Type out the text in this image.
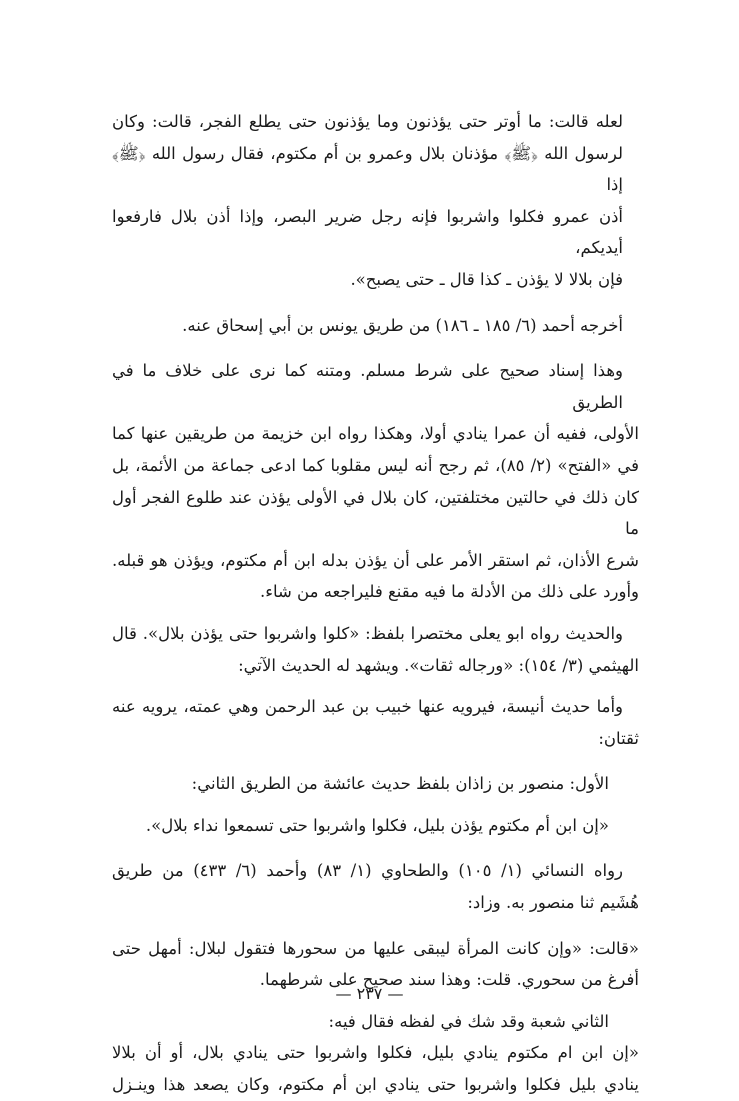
لعله قالت: ما أوتر حتى يؤذنون وما يؤذنون حتى يطلع الفجر، قالت: وكان
لرسول الله ﴿ﷺ﴾ مؤذنان بلال وعمرو بن أم مكتوم، فقال رسول الله ﴿ﷺ﴾ إذا
أذن عمرو فكلوا واشربوا فإنه رجل ضرير البصر، وإذا أذن بلال فارفعوا أيديكم،
فإن بلالا لا يؤذن ـ كذا قال ـ حتى يصبح».

أخرجه أحمد (٦/ ١٨٥ ـ ١٨٦) من طريق يونس بن أبي إسحاق عنه.

وهذا إسناد صحيح على شرط مسلم. ومتنه كما نرى على خلاف ما في الطريق
الأولى، ففيه أن عمرا ينادي أولا، وهكذا رواه ابن خزيمة من طريقين عنها كما
في «الفتح» (٢/ ٨٥)، ثم رجح أنه ليس مقلوبا كما ادعى جماعة من الأئمة، بل
كان ذلك في حالتين مختلفتين، كان بلال في الأولى يؤذن عند طلوع الفجر أول ما
شرع الأذان، ثم استقر الأمر على أن يؤذن بدله ابن أم مكتوم، ويؤذن هو قبله.
وأورد على ذلك من الأدلة ما فيه مقنع فليراجعه من شاء.

والحديث رواه ابو يعلى مختصرا بلفظ: «كلوا واشربوا حتى يؤذن بلال». قال
الهيثمي (٣/ ١٥٤): «ورجاله ثقات». ويشهد له الحديث الآتي:

وأما حديث أنيسة، فيرويه عنها خبيب بن عبد الرحمن وهي عمته، يرويه عنه
ثقتان:

الأول: منصور بن زاذان بلفظ حديث عائشة من الطريق الثاني:

«إن ابن أم مكتوم يؤذن بليل، فكلوا واشربوا حتى تسمعوا نداء بلال».

رواه النسائي (١/ ١٠٥) والطحاوي (١/ ٨٣) وأحمد (٦/ ٤٣٣) من طريق
هُشَيم ثنا منصور به. وزاد:

«قالت: «وإن كانت المرأة ليبقى عليها من سحورها فتقول لبلال: أمهل حتى
أفرغ من سحوري. قلت: وهذا سند صحيح على شرطهما.

الثاني شعبة وقد شك في لفظه فقال فيه:

«إن ابن ام مكتوم ينادي بليل، فكلوا واشربوا حتى ينادي بلال، أو أن بلالا
ينادي بليل فكلوا واشربوا حتى ينادي ابن أم مكتوم، وكان يصعد هذا وينـزل

— ٢٣٧ —
